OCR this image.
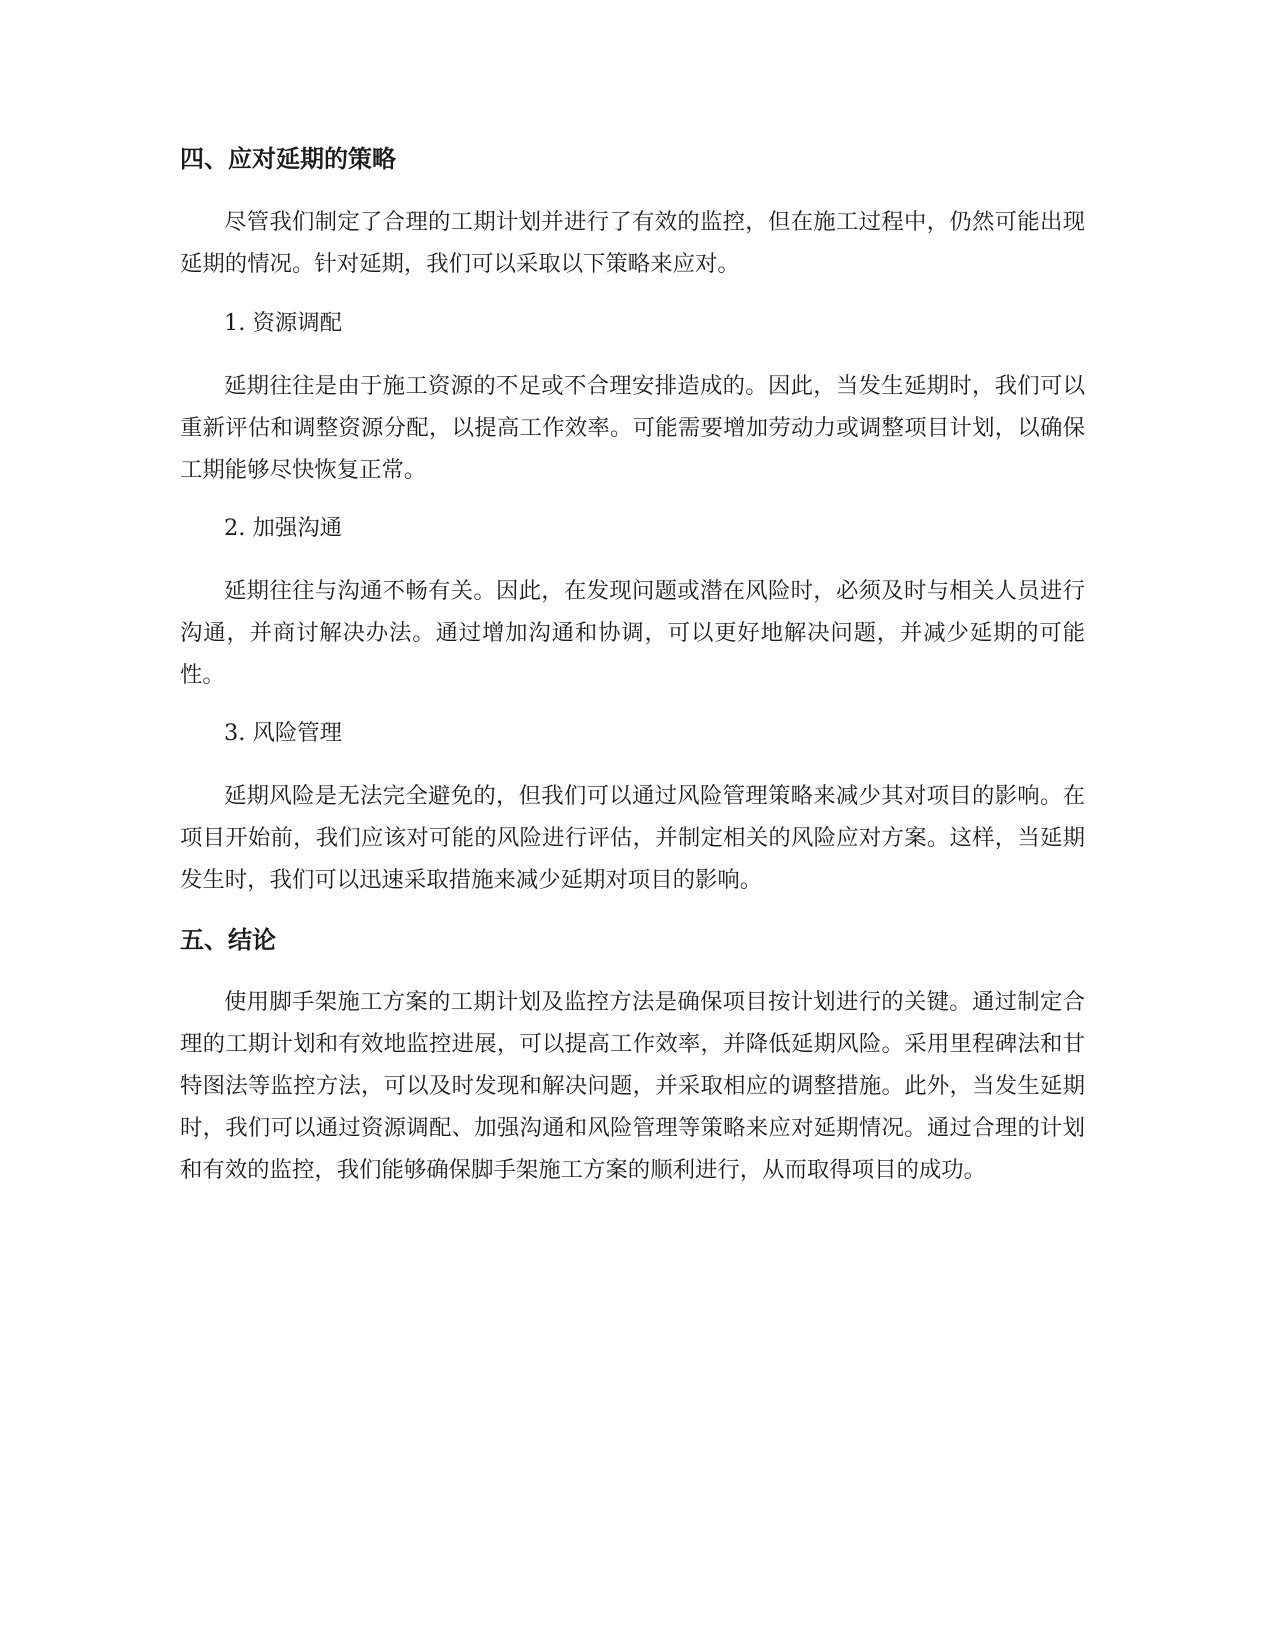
四、应对延期的策略

尽管我们制定了合理的工期计划并进行了有效的监控，但在施工过程中，仍然可能出现延期的情况。针对延期，我们可以采取以下策略来应对。

1. 资源调配

延期往往是由于施工资源的不足或不合理安排造成的。因此，当发生延期时，我们可以重新评估和调整资源分配，以提高工作效率。可能需要增加劳动力或调整项目计划，以确保工期能够尽快恢复正常。

2. 加强沟通

延期往往与沟通不畅有关。因此，在发现问题或潜在风险时，必须及时与相关人员进行沟通，并商讨解决办法。通过增加沟通和协调，可以更好地解决问题，并减少延期的可能性。

3. 风险管理

延期风险是无法完全避免的，但我们可以通过风险管理策略来减少其对项目的影响。在项目开始前，我们应该对可能的风险进行评估，并制定相关的风险应对方案。这样，当延期发生时，我们可以迅速采取措施来减少延期对项目的影响。

五、结论

使用脚手架施工方案的工期计划及监控方法是确保项目按计划进行的关键。通过制定合理的工期计划和有效地监控进展，可以提高工作效率，并降低延期风险。采用里程碑法和甘特图法等监控方法，可以及时发现和解决问题，并采取相应的调整措施。此外，当发生延期时，我们可以通过资源调配、加强沟通和风险管理等策略来应对延期情况。通过合理的计划和有效的监控，我们能够确保脚手架施工方案的顺利进行，从而取得项目的成功。
